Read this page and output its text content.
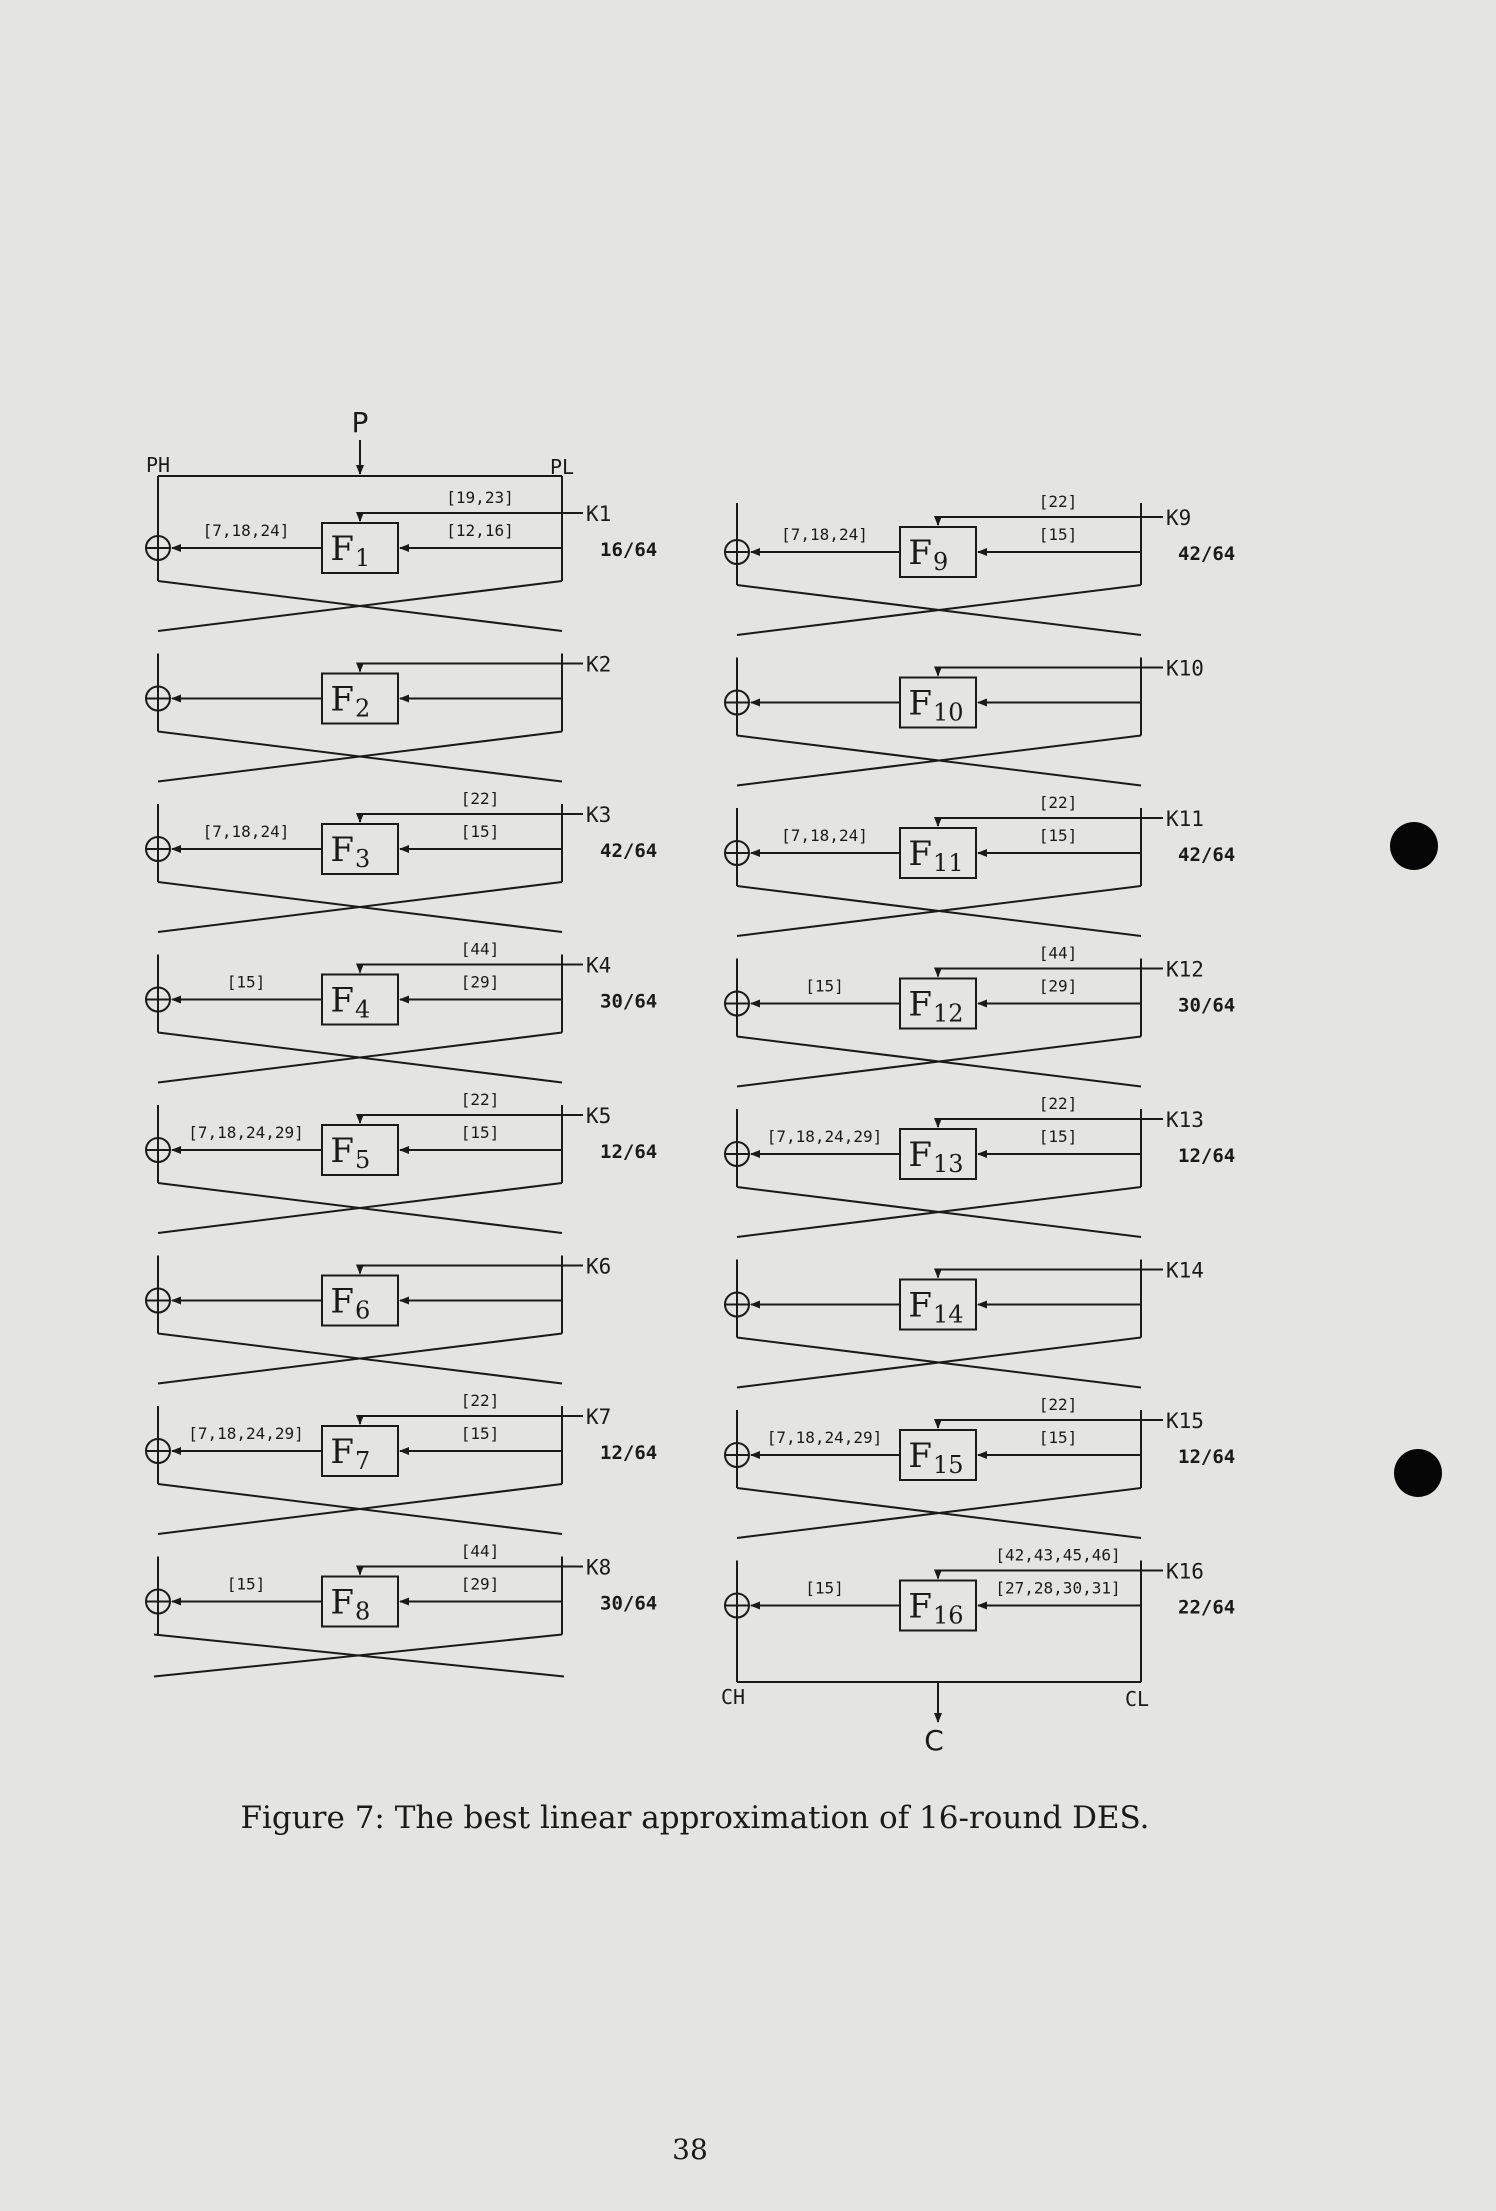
F 1
K1
[19,23]
[12,16]
[7,18,24]
16/64
F 2
K2
F 3
K3
[22]
[15]
[7,18,24]
42/64
F 4
K4
[44]
[29]
[15]
30/64
F 5
K5
[22]
[15]
[7,18,24,29]
12/64
F 6
K6
F 7
K7
[22]
[15]
[7,18,24,29]
12/64
F 8
K8
[44]
[29]
[15]
30/64
P
PH	PL
F 9
K9
[22]
[15]
[7,18,24]
42/64
F 10
K10
F 11
K11
[22]
[15]
[7,18,24]
42/64
F 12
K12
[44]
[29]
[15]
30/64
F 13
K13
[22]
[15]
[7,18,24,29]
12/64
F 14
K14
F 15
K15
[22]
[15]
[7,18,24,29]
12/64
F 16
K16
[42,43,45,46]
[27,28,30,31]
[15]
22/64
C
CH	CL
Figure 7: The best linear approximation of 16-round DES.
38
